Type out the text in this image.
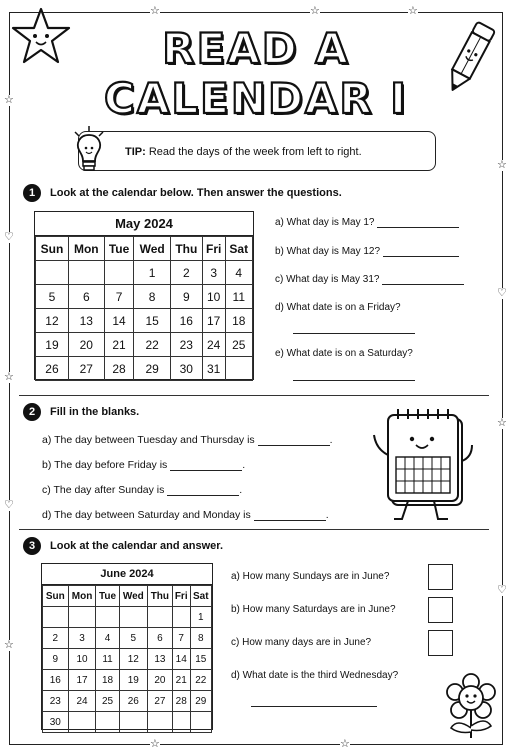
☆	☆	☆
☆
♡
☆
♡
☆
☆
♡
☆
♡
☆	☆
READ A
CALENDAR I
TIP: Read the days of the week from left to right.
1	Look at the calendar below. Then answer the questions.
May 2024
Sun	Mon	Tue	Wed	Thu	Fri	Sat
			1	2	3	4
5	6	7	8	9	10	11
12	13	14	15	16	17	18
19	20	21	22	23	24	25
26	27	28	29	30	31	
a) What day is May 1?
b) What day is May 12?
c) What day is May 31?
d) What date is on a Friday?
e) What date is on a Saturday?
2	Fill in the blanks.
a) The day between Tuesday and Thursday is	.
b) The day before Friday is	.
c) The day after Sunday is	.
d) The day between Saturday and Monday is	.
3	Look at the calendar and answer.
June 2024
Sun	Mon	Tue	Wed	Thu	Fri	Sat
						1
2	3	4	5	6	7	8
9	10	11	12	13	14	15
16	17	18	19	20	21	22
23	24	25	26	27	28	29
30						
a) How many Sundays are in June?
b) How many Saturdays are in June?
c) How many days are in June?
d) What date is the third Wednesday?
